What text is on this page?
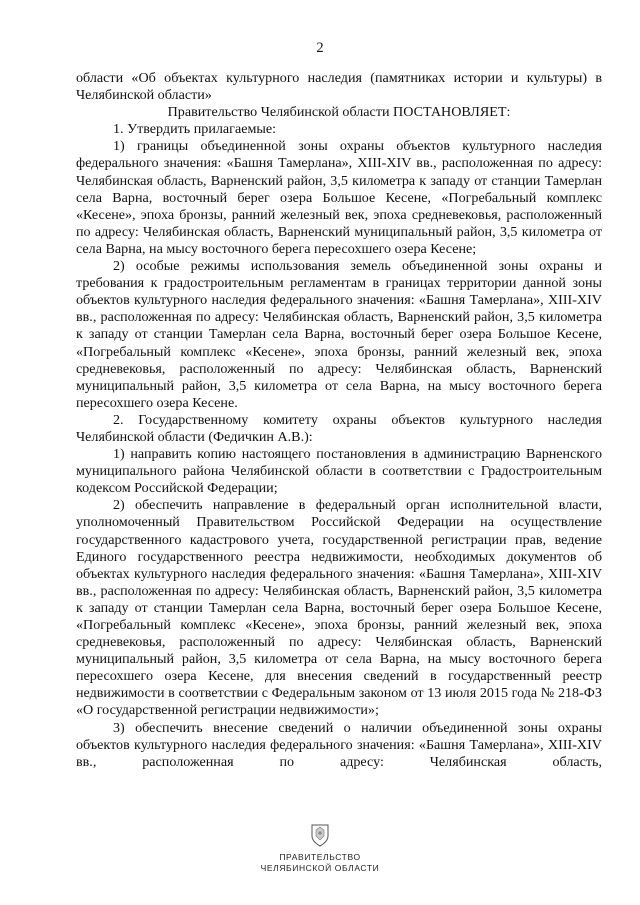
2

области «Об объектах культурного наследия (памятниках истории и культуры) в Челябинской области»

Правительство Челябинской области ПОСТАНОВЛЯЕТ:

1. Утвердить прилагаемые:

1) границы объединенной зоны охраны объектов культурного наследия федерального значения: «Башня Тамерлана», XIII-XIV вв., расположенная по адресу: Челябинская область, Варненский район, 3,5 километра к западу от станции Тамерлан села Варна, восточный берег озера Большое Кесене, «Погребальный комплекс «Кесене», эпоха бронзы, ранний железный век, эпоха средневековья, расположенный по адресу: Челябинская область, Варненский муниципальный район, 3,5 километра от села Варна, на мысу восточного берега пересохшего озера Кесене;

2) особые режимы использования земель объединенной зоны охраны и требования к градостроительным регламентам в границах территории данной зоны объектов культурного наследия федерального значения: «Башня Тамерлана», XIII-XIV вв., расположенная по адресу: Челябинская область, Варненский район, 3,5 километра к западу от станции Тамерлан села Варна, восточный берег озера Большое Кесене, «Погребальный комплекс «Кесене», эпоха бронзы, ранний железный век, эпоха средневековья, расположенный по адресу: Челябинская область, Варненский муниципальный район, 3,5 километра от села Варна, на мысу восточного берега пересохшего озера Кесене.

2. Государственному комитету охраны объектов культурного наследия Челябинской области (Федичкин А.В.):

1) направить копию настоящего постановления в администрацию Варненского муниципального района Челябинской области в соответствии с Градостроительным кодексом Российской Федерации;

2) обеспечить направление в федеральный орган исполнительной власти, уполномоченный Правительством Российской Федерации на осуществление государственного кадастрового учета, государственной регистрации прав, ведение Единого государственного реестра недвижимости, необходимых документов об объектах культурного наследия федерального значения: «Башня Тамерлана», XIII-XIV вв., расположенная по адресу: Челябинская область, Варненский район, 3,5 километра к западу от станции Тамерлан села Варна, восточный берег озера Большое Кесене, «Погребальный комплекс «Кесене», эпоха бронзы, ранний железный век, эпоха средневековья, расположенный по адресу: Челябинская область, Варненский муниципальный район, 3,5 километра от села Варна, на мысу восточного берега пересохшего озера Кесене, для внесения сведений в государственный реестр недвижимости в соответствии с Федеральным законом от 13 июля 2015 года № 218-ФЗ «О государственной регистрации недвижимости»;

3) обеспечить внесение сведений о наличии объединенной зоны охраны объектов культурного наследия федерального значения: «Башня Тамерлана», XIII-XIV вв., расположенная по адресу: Челябинская область,

ПРАВИТЕЛЬСТВО
ЧЕЛЯБИНСКОЙ ОБЛАСТИ
